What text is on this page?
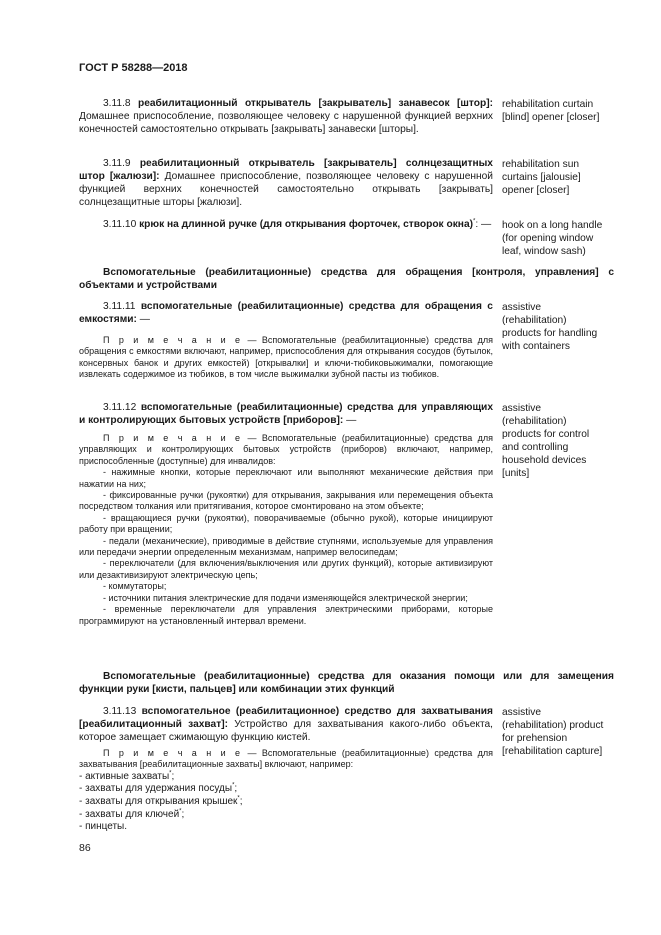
ГОСТ Р 58288—2018

3.11.8 реабилитационный открыватель [закрыватель] занавесок [штор]: Домашнее приспособление, позволяющее человеку с нарушенной функцией верхних конечностей самостоятельно открывать [закрывать] занавески [шторы].

rehabilitation curtain
[blind] opener [closer]

3.11.9 реабилитационный открыватель [закрыватель] солнцезащитных штор [жалюзи]: Домашнее приспособление, позволяющее человеку с нарушенной функцией верхних конечностей самостоятельно открывать [закрывать] солнцезащитные шторы [жалюзи].

rehabilitation sun
curtains [jalousie]
opener [closer]

3.11.10 крюк на длинной ручке (для открывания форточек, створок окна)*: — hook on a long handle
(for opening window
leaf, window sash)
Вспомогательные (реабилитационные) средства для обращения [контроля, управления] с объектами и устройствами

3.11.11 вспомогательные (реабилитационные) средства для обращения с емкостями: —

assistive
(rehabilitation)
products for handling
with containers

П р и м е ч а н и е — Вспомогательные (реабилитационные) средства для обращения с емкостями включают, например, приспособления для открывания сосудов (бутылок, консервных банок и других емкостей) [открывалки] и ключи-тюбиковыжималки, помогающие извлекать содержимое из тюбиков, в том числе выжималки зубной пасты из тюбиков.

3.11.12 вспомогательные (реабилитационные) средства для управляющих и контролирующих бытовых устройств [приборов]: —

assistive
(rehabilitation)
products for control
and controlling
household devices
[units]

П р и м е ч а н и е — Вспомогательные (реабилитационные) средства для управляющих и контролирующих бытовых устройств (приборов) включают, например, приспособленные (доступные) для инвалидов:

- нажимные кнопки, которые переключают или выполняют механические действия при нажатии на них;

- фиксированные ручки (рукоятки) для открывания, закрывания или перемещения объекта посредством толкания или притягивания, которое смонтировано на этом объекте;

- вращающиеся ручки (рукоятки), поворачиваемые (обычно рукой), которые инициируют работу при вращении;

- педали (механические), приводимые в действие ступнями, используемые для управления или передачи энергии определенным механизмам, например велосипедам;

- переключатели (для включения/выключения или других функций), которые активизируют или дезактивизируют электрическую цепь;

- коммутаторы;

- источники питания электрические для подачи изменяющейся электрической энергии;

- временные переключатели для управления электрическими приборами, которые программируют на установленный интервал времени.

Вспомогательные (реабилитационные) средства для оказания помощи или для замещения функции руки [кисти, пальцев] или комбинации этих функций

3.11.13 вспомогательное (реабилитационное) средство для захватывания [реабилитационный захват]: Устройство для захватывания какого-либо объекта, которое замещает сжимающую функцию кистей.

assistive
(rehabilitation) product
for prehension
[rehabilitation capture]

П р и м е ч а н и е — Вспомогательные (реабилитационные) средства для захватывания [реабилитационные захваты] включают, например:

- активные захваты*;
- захваты для удержания посуды*;
- захваты для открывания крышек*;
- захваты для ключей*;
- пинцеты.
86
